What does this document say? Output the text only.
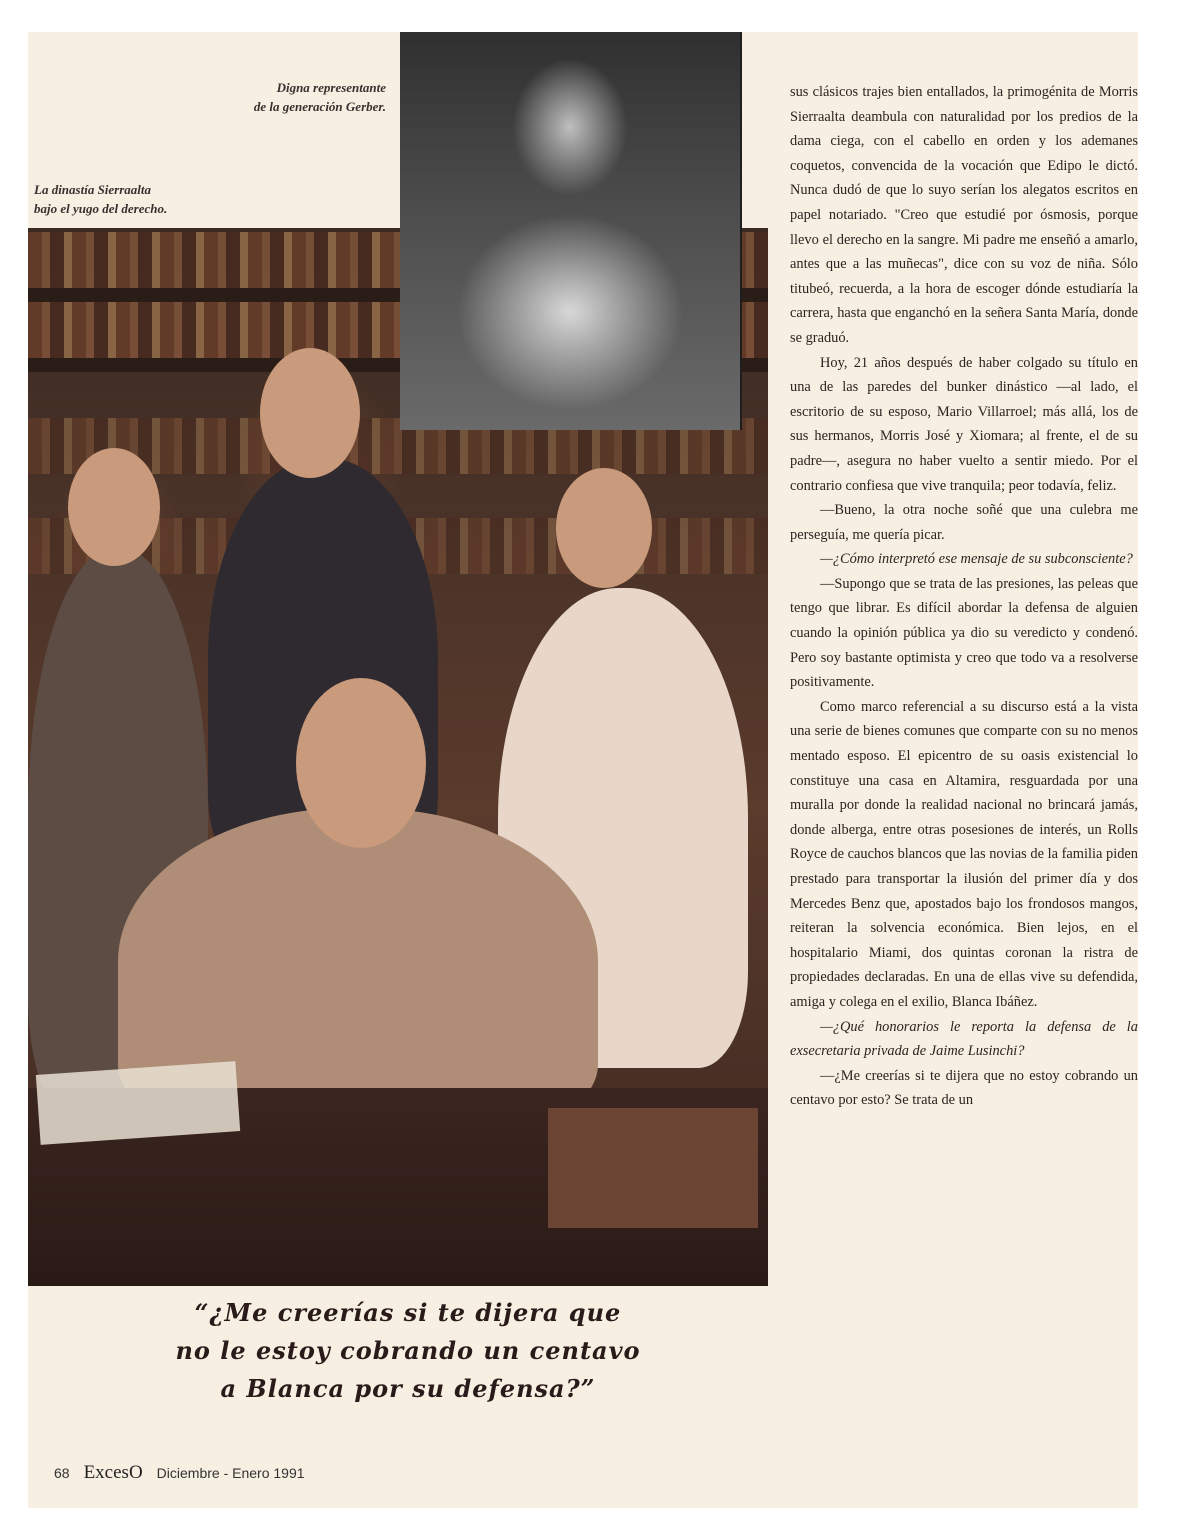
Digna representante
de la generación Gerber.
La dinastía Sierraalta
bajo el yugo del derecho.
“¿Me creerías si te dijera que
no le estoy cobrando un centavo
a Blanca por su defensa?”

sus clásicos trajes bien entallados, la primogénita de Morris Sierraalta deambula con naturalidad por los predios de la dama ciega, con el cabello en orden y los ademanes coquetos, convencida de la vocación que Edipo le dictó. Nunca dudó de que lo suyo serían los alegatos escritos en papel notariado. "Creo que estudié por ósmosis, porque llevo el derecho en la sangre. Mi padre me enseñó a amarlo, antes que a las muñecas", dice con su voz de niña. Sólo titubeó, recuerda, a la hora de escoger dónde estudiaría la carrera, hasta que enganchó en la señera Santa María, donde se graduó.

Hoy, 21 años después de haber colgado su título en una de las paredes del bunker dinástico —al lado, el escritorio de su esposo, Mario Villarroel; más allá, los de sus hermanos, Morris José y Xiomara; al frente, el de su padre—, asegura no haber vuelto a sentir miedo. Por el contrario confiesa que vive tranquila; peor todavía, feliz.

—Bueno, la otra noche soñé que una culebra me perseguía, me quería picar.

—¿Cómo interpretó ese mensaje de su subconsciente?

—Supongo que se trata de las presiones, las peleas que tengo que librar. Es difícil abordar la defensa de alguien cuando la opinión pública ya dio su veredicto y condenó. Pero soy bastante optimista y creo que todo va a resolverse positivamente.

Como marco referencial a su discurso está a la vista una serie de bienes comunes que comparte con su no menos mentado esposo. El epicentro de su oasis existencial lo constituye una casa en Altamira, resguardada por una muralla por donde la realidad nacional no brincará jamás, donde alberga, entre otras posesiones de interés, un Rolls Royce de cauchos blancos que las novias de la familia piden prestado para transportar la ilusión del primer día y dos Mercedes Benz que, apostados bajo los frondosos mangos, reiteran la solvencia económica. Bien lejos, en el hospitalario Miami, dos quintas coronan la ristra de propiedades declaradas. En una de ellas vive su defendida, amiga y colega en el exilio, Blanca Ibáñez.

—¿Qué honorarios le reporta la defensa de la exsecretaria privada de Jaime Lusinchi?

—¿Me creerías si te dijera que no estoy cobrando un centavo por esto? Se trata de un

68 ExcesO Diciembre - Enero 1991
